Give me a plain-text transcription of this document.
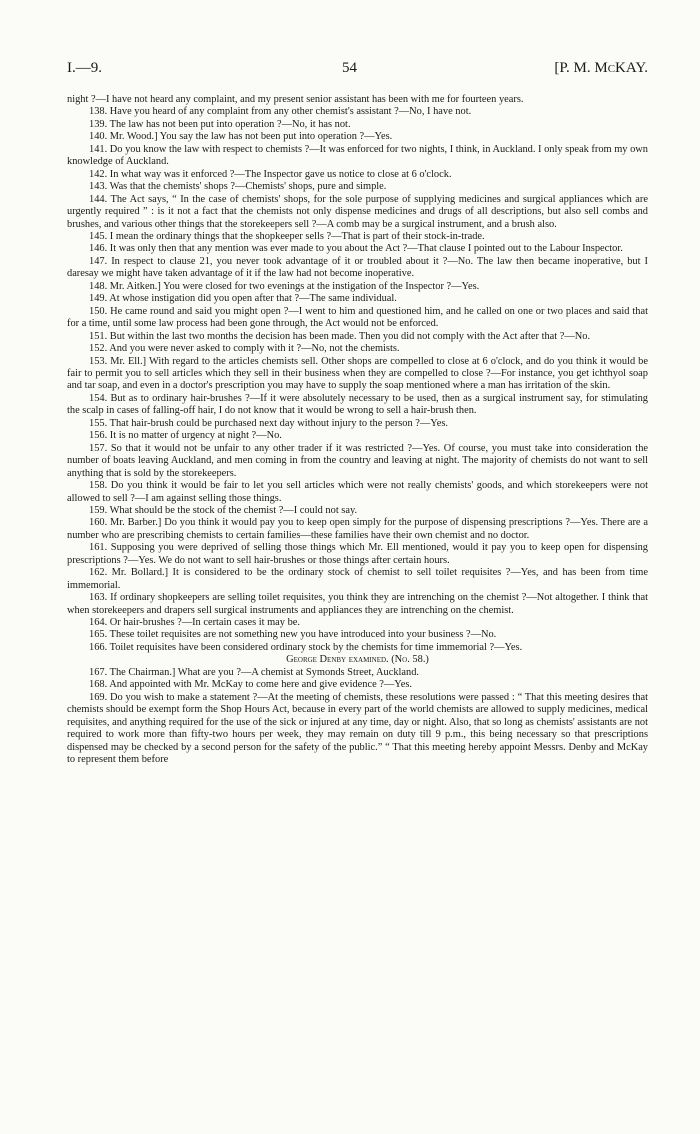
I.—9.	54	[P. M. McKAY.

night ?—I have not heard any complaint, and my present senior assistant has been with me for fourteen years.

138. Have you heard of any complaint from any other chemist's assistant ?—No, I have not.

139. The law has not been put into operation ?—No, it has not.

140. Mr. Wood.] You say the law has not been put into operation ?—Yes.

141. Do you know the law with respect to chemists ?—It was enforced for two nights, I think, in Auckland. I only speak from my own knowledge of Auckland.

142. In what way was it enforced ?—The Inspector gave us notice to close at 6 o'clock.

143. Was that the chemists' shops ?—Chemists' shops, pure and simple.

144. The Act says, “ In the case of chemists' shops, for the sole purpose of supplying medicines and surgical appliances which are urgently required ” : is it not a fact that the chemists not only dispense medicines and drugs of all descriptions, but also sell combs and brushes, and various other things that the storekeepers sell ?—A comb may be a surgical instrument, and a brush also.

145. I mean the ordinary things that the shopkeeper sells ?—That is part of their stock-in-trade.

146. It was only then that any mention was ever made to you about the Act ?—That clause I pointed out to the Labour Inspector.

147. In respect to clause 21, you never took advantage of it or troubled about it ?—No. The law then became inoperative, but I daresay we might have taken advantage of it if the law had not become inoperative.

148. Mr. Aitken.] You were closed for two evenings at the instigation of the Inspector ?—Yes.

149. At whose instigation did you open after that ?—The same individual.

150. He came round and said you might open ?—I went to him and questioned him, and he called on one or two places and said that for a time, until some law process had been gone through, the Act would not be enforced.

151. But within the last two months the decision has been made. Then you did not comply with the Act after that ?—No.

152. And you were never asked to comply with it ?—No, not the chemists.

153. Mr. Ell.] With regard to the articles chemists sell. Other shops are compelled to close at 6 o'clock, and do you think it would be fair to permit you to sell articles which they sell in their business when they are compelled to close ?—For instance, you get ichthyol soap and tar soap, and even in a doctor's prescription you may have to supply the soap mentioned where a man has irritation of the skin.

154. But as to ordinary hair-brushes ?—If it were absolutely necessary to be used, then as a surgical instrument say, for stimulating the scalp in cases of falling-off hair, I do not know that it would be wrong to sell a hair-brush then.

155. That hair-brush could be purchased next day without injury to the person ?—Yes.

156. It is no matter of urgency at night ?—No.

157. So that it would not be unfair to any other trader if it was restricted ?—Yes. Of course, you must take into consideration the number of boats leaving Auckland, and men coming in from the country and leaving at night. The majority of chemists do not want to sell anything that is sold by the storekeepers.

158. Do you think it would be fair to let you sell articles which were not really chemists' goods, and which storekeepers were not allowed to sell ?—I am against selling those things.

159. What should be the stock of the chemist ?—I could not say.

160. Mr. Barber.] Do you think it would pay you to keep open simply for the purpose of dispensing prescriptions ?—Yes. There are a number who are prescribing chemists to certain families—these families have their own chemist and no doctor.

161. Supposing you were deprived of selling those things which Mr. Ell mentioned, would it pay you to keep open for dispensing prescriptions ?—Yes. We do not want to sell hair-brushes or those things after certain hours.

162. Mr. Bollard.] It is considered to be the ordinary stock of chemist to sell toilet requisites ?—Yes, and has been from time immemorial.

163. If ordinary shopkeepers are selling toilet requisites, you think they are intrenching on the chemist ?—Not altogether. I think that when storekeepers and drapers sell surgical instruments and appliances they are intrenching on the chemist.

164. Or hair-brushes ?—In certain cases it may be.

165. These toilet requisites are not something new you have introduced into your business ?—No.

166. Toilet requisites have been considered ordinary stock by the chemists for time immemorial ?—Yes.

George Denby examined. (No. 58.)

167. The Chairman.] What are you ?—A chemist at Symonds Street, Auckland.

168. And appointed with Mr. McKay to come here and give evidence ?—Yes.

169. Do you wish to make a statement ?—At the meeting of chemists, these resolutions were passed : “ That this meeting desires that chemists should be exempt form the Shop Hours Act, because in every part of the world chemists are allowed to supply medicines, medical requisites, and anything required for the use of the sick or injured at any time, day or night. Also, that so long as chemists' assistants are not required to work more than fifty-two hours per week, they may remain on duty till 9 p.m., this being necessary so that prescriptions dispensed may be checked by a second person for the safety of the public.” “ That this meeting hereby appoint Messrs. Denby and McKay to represent them before
